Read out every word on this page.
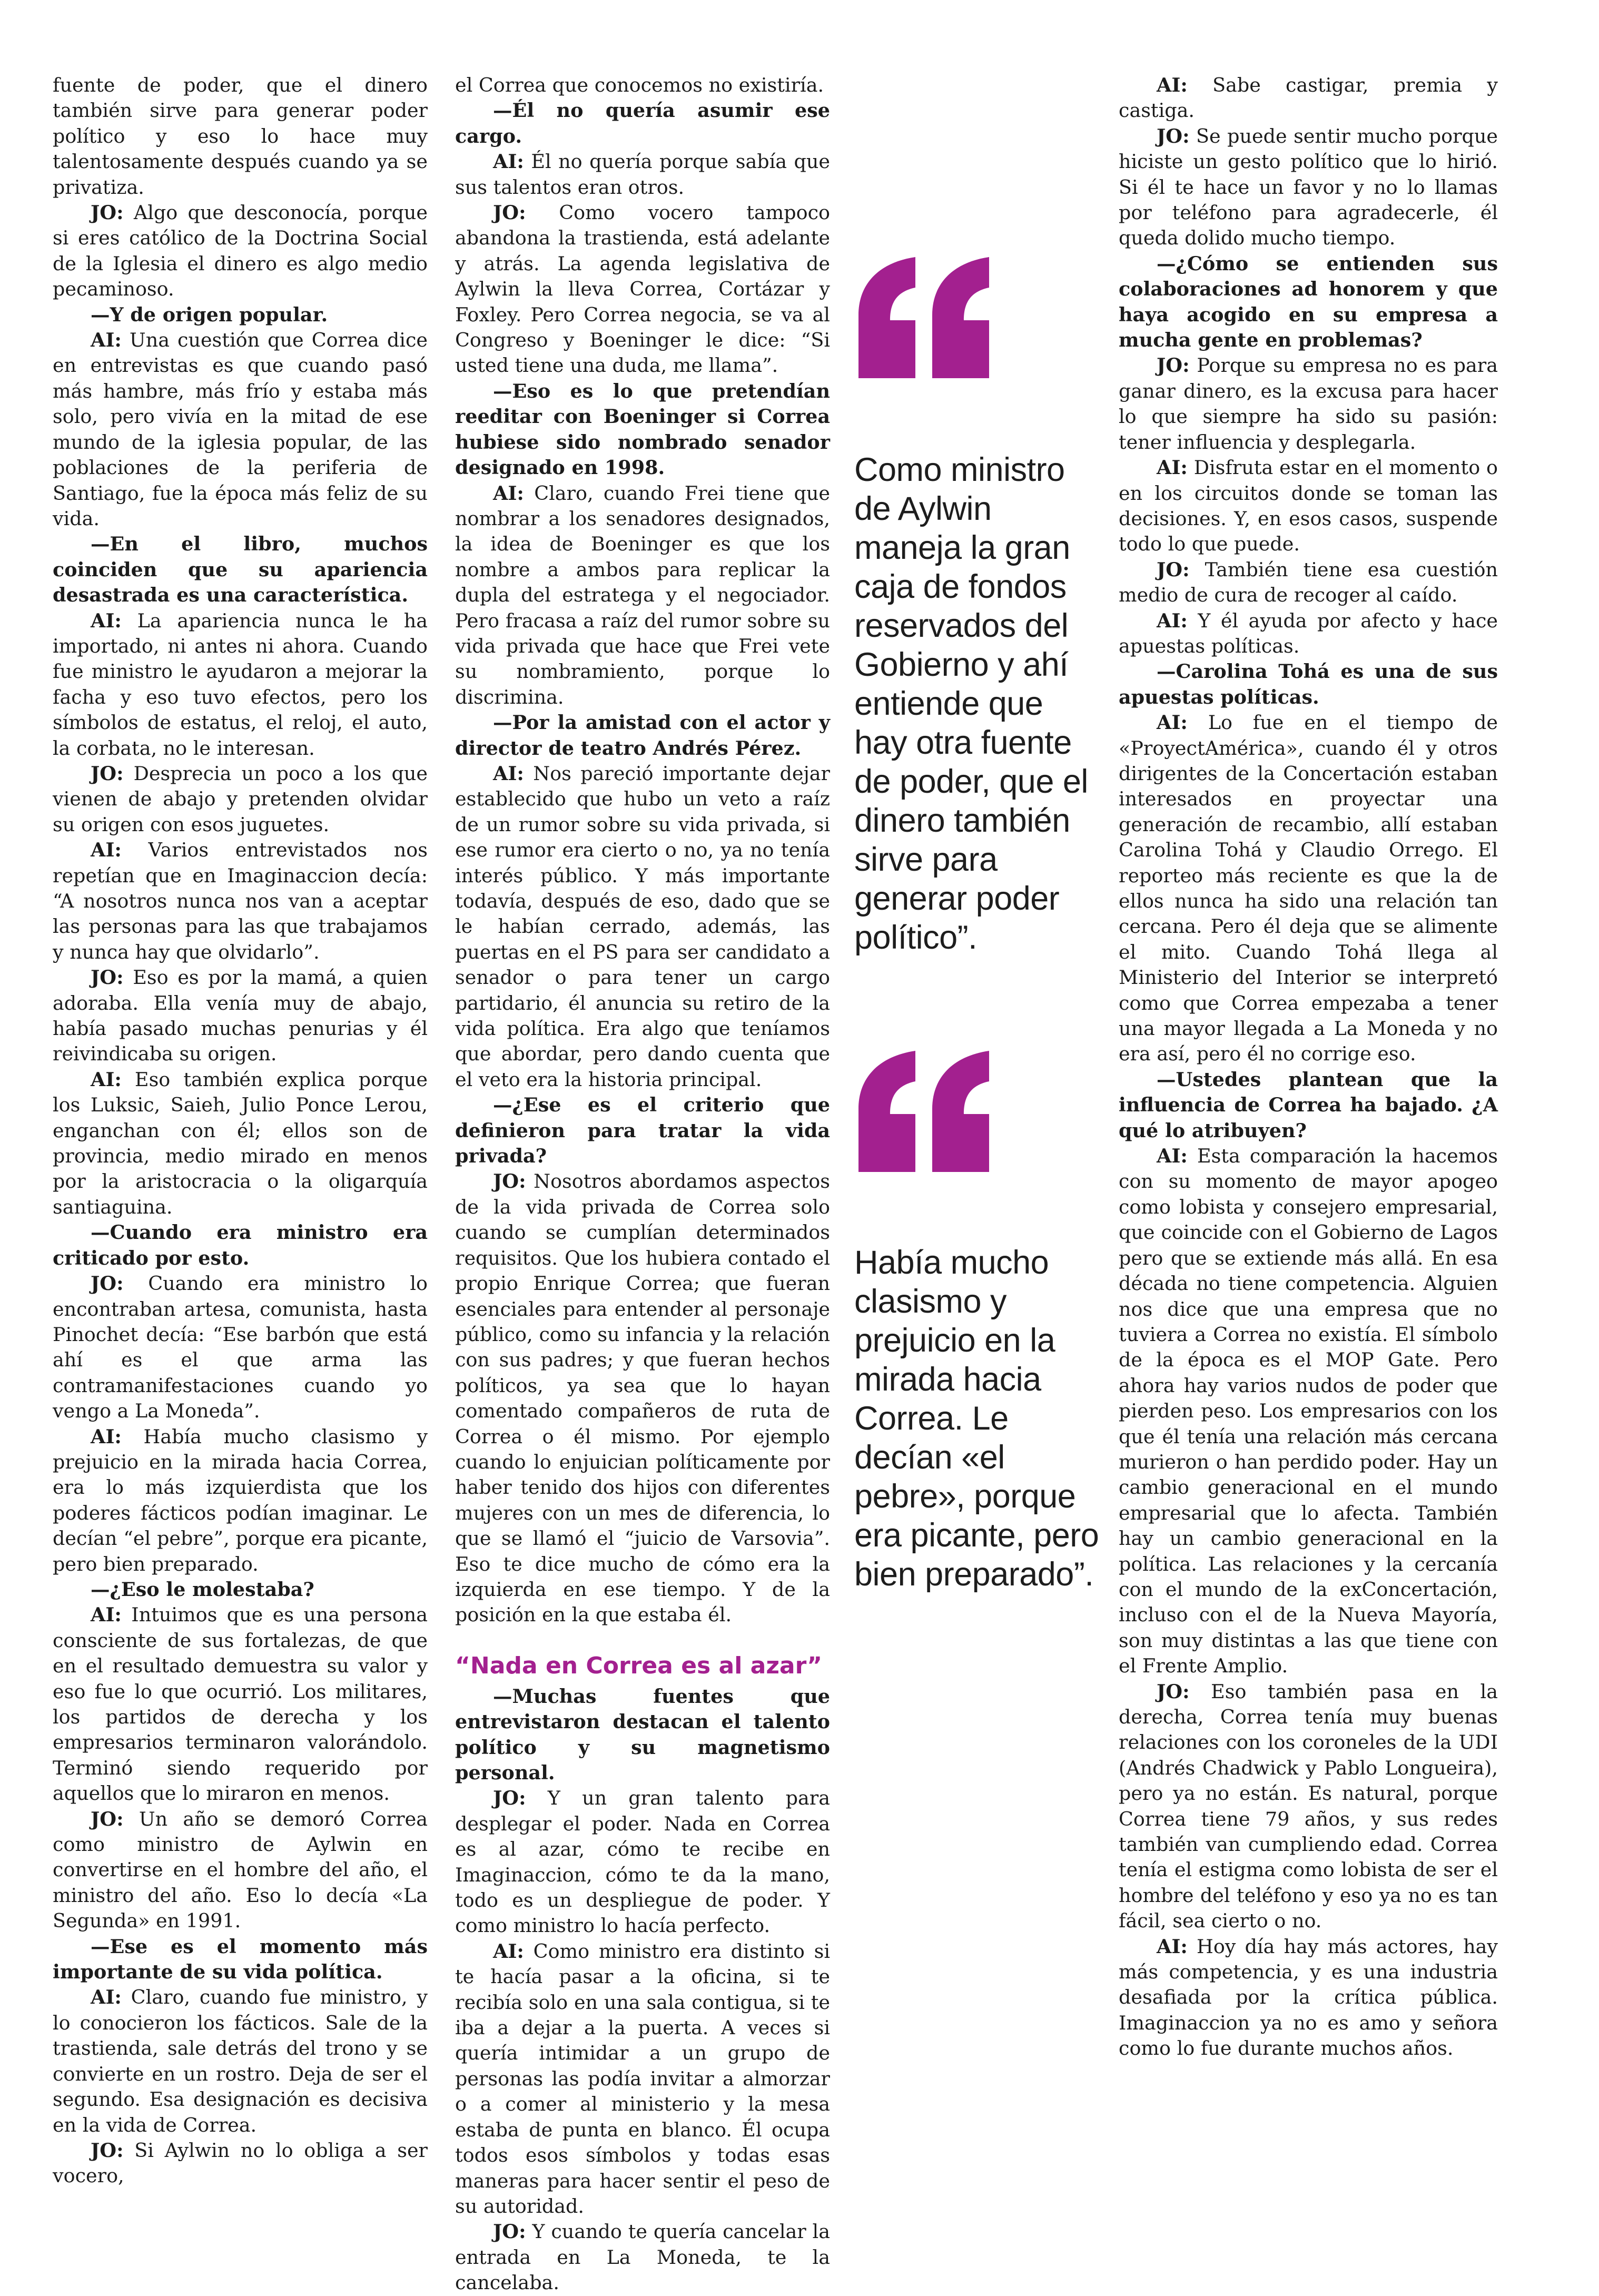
fuente de poder, que el dinero también sirve para generar poder político y eso lo hace muy talentosamente después cuando ya se privatiza.

JO: Algo que desconocía, porque si eres católico de la Doctrina Social de la Iglesia el dinero es algo medio pecaminoso.

—Y de origen popular.

AI: Una cuestión que Correa dice en entrevistas es que cuando pasó más hambre, más frío y estaba más solo, pero vivía en la mitad de ese mundo de la iglesia popular, de las poblaciones de la periferia de Santiago, fue la época más feliz de su vida.

—En el libro, muchos coinciden que su apariencia desastrada es una característica.

AI: La apariencia nunca le ha importado, ni antes ni ahora. Cuando fue ministro le ayudaron a mejorar la facha y eso tuvo efectos, pero los símbolos de estatus, el reloj, el auto, la corbata, no le interesan.

JO: Desprecia un poco a los que vienen de abajo y pretenden olvidar su origen con esos juguetes.

AI: Varios entrevistados nos repetían que en Imaginaccion decía: “A nosotros nunca nos van a aceptar las personas para las que trabajamos y nunca hay que olvidarlo”.

JO: Eso es por la mamá, a quien adoraba. Ella venía muy de abajo, había pasado muchas penurias y él reivindicaba su origen.

AI: Eso también explica porque los Luksic, Saieh, Julio Ponce Lerou, enganchan con él; ellos son de provincia, medio mirado en menos por la aristocracia o la oligarquía santiaguina.

—Cuando era ministro era criticado por esto.

JO: Cuando era ministro lo encontraban artesa, comunista, hasta Pinochet decía: “Ese barbón que está ahí es el que arma las contramanifestaciones cuando yo vengo a La Moneda”.

AI: Había mucho clasismo y prejuicio en la mirada hacia Correa, era lo más izquierdista que los poderes fácticos podían imaginar. Le decían “el pebre”, porque era picante, pero bien preparado.

—¿Eso le molestaba?

AI: Intuimos que es una persona consciente de sus fortalezas, de que en el resultado demuestra su valor y eso fue lo que ocurrió. Los militares, los partidos de derecha y los empresarios terminaron valorándolo. Terminó siendo requerido por aquellos que lo miraron en menos.

JO: Un año se demoró Correa como ministro de Aylwin en convertirse en el hombre del año, el ministro del año. Eso lo decía «La Segunda» en 1991.

—Ese es el momento más importante de su vida política.

AI: Claro, cuando fue ministro, y lo conocieron los fácticos. Sale de la trastienda, sale detrás del trono y se convierte en un rostro. Deja de ser el segundo. Esa designación es decisiva en la vida de Correa.

JO: Si Aylwin no lo obliga a ser vocero,

el Correa que conocemos no existiría.

—Él no quería asumir ese cargo.

AI: Él no quería porque sabía que sus talentos eran otros.

JO: Como vocero tampoco abandona la trastienda, está adelante y atrás. La agenda legislativa de Aylwin la lleva Correa, Cortázar y Foxley. Pero Correa negocia, se va al Congreso y Boeninger le dice: “Si usted tiene una duda, me llama”.

—Eso es lo que pretendían reeditar con Boeninger si Correa hubiese sido nombrado senador designado en 1998.

AI: Claro, cuando Frei tiene que nombrar a los senadores designados, la idea de Boeninger es que los nombre a ambos para replicar la dupla del estratega y el negociador. Pero fracasa a raíz del rumor sobre su vida privada que hace que Frei vete su nombramiento, porque lo discrimina.

—Por la amistad con el actor y director de teatro Andrés Pérez.

AI: Nos pareció importante dejar establecido que hubo un veto a raíz de un rumor sobre su vida privada, si ese rumor era cierto o no, ya no tenía interés público. Y más importante todavía, después de eso, dado que se le habían cerrado, además, las puertas en el PS para ser candidato a senador o para tener un cargo partidario, él anuncia su retiro de la vida política. Era algo que teníamos que abordar, pero dando cuenta que el veto era la historia principal.

—¿Ese es el criterio que definieron para tratar la vida privada?

JO: Nosotros abordamos aspectos de la vida privada de Correa solo cuando se cumplían determinados requisitos. Que los hubiera contado el propio Enrique Correa; que fueran esenciales para entender al personaje público, como su infancia y la relación con sus padres; y que fueran hechos políticos, ya sea que lo hayan comentado compañeros de ruta de Correa o él mismo. Por ejemplo cuando lo enjuician políticamente por haber tenido dos hijos con diferentes mujeres con un mes de diferencia, lo que se llamó el “juicio de Varsovia”. Eso te dice mucho de cómo era la izquierda en ese tiempo. Y de la posición en la que estaba él.

“Nada en Correa es al azar”

—Muchas fuentes que entrevistaron destacan el talento político y su magnetismo personal.

JO: Y un gran talento para desplegar el poder. Nada en Correa es al azar, cómo te recibe en Imaginaccion, cómo te da la mano, todo es un despliegue de poder. Y como ministro lo hacía perfecto.

AI: Como ministro era distinto si te hacía pasar a la oficina, si te recibía solo en una sala contigua, si te iba a dejar a la puerta. A veces si quería intimidar a un grupo de personas las podía invitar a almorzar o a comer al ministerio y la mesa estaba de punta en blanco. Él ocupa todos esos símbolos y todas esas maneras para hacer sentir el peso de su autoridad.

JO: Y cuando te quería cancelar la entrada en La Moneda, te la cancelaba.

AI: Sabe castigar, premia y castiga.

JO: Se puede sentir mucho porque hiciste un gesto político que lo hirió. Si él te hace un favor y no lo llamas por teléfono para agradecerle, él queda dolido mucho tiempo.

—¿Cómo se entienden sus colaboraciones ad honorem y que haya acogido en su empresa a mucha gente en problemas?

JO: Porque su empresa no es para ganar dinero, es la excusa para hacer lo que siempre ha sido su pasión: tener influencia y desplegarla.

AI: Disfruta estar en el momento o en los circuitos donde se toman las decisiones. Y, en esos casos, suspende todo lo que puede.

JO: También tiene esa cuestión medio de cura de recoger al caído.

AI: Y él ayuda por afecto y hace apuestas políticas.

—Carolina Tohá es una de sus apuestas políticas.

AI: Lo fue en el tiempo de «ProyectAmérica», cuando él y otros dirigentes de la Concertación estaban interesados en proyectar una generación de recambio, allí estaban Carolina Tohá y Claudio Orrego. El reporteo más reciente es que la de ellos nunca ha sido una relación tan cercana. Pero él deja que se alimente el mito. Cuando Tohá llega al Ministerio del Interior se interpretó como que Correa empezaba a tener una mayor llegada a La Moneda y no era así, pero él no corrige eso.

—Ustedes plantean que la influencia de Correa ha bajado. ¿A qué lo atribuyen?

AI: Esta comparación la hacemos con su momento de mayor apogeo como lobista y consejero empresarial, que coincide con el Gobierno de Lagos pero que se extiende más allá. En esa década no tiene competencia. Alguien nos dice que una empresa que no tuviera a Correa no existía. El símbolo de la época es el MOP Gate. Pero ahora hay varios nudos de poder que pierden peso. Los empresarios con los que él tenía una relación más cercana murieron o han perdido poder. Hay un cambio generacional en el mundo empresarial que lo afecta. También hay un cambio generacional en la política. Las relaciones y la cercanía con el mundo de la exConcertación, incluso con el de la Nueva Mayoría, son muy distintas a las que tiene con el Frente Amplio.

JO: Eso también pasa en la derecha, Correa tenía muy buenas relaciones con los coroneles de la UDI (Andrés Chadwick y Pablo Longueira), pero ya no están. Es natural, porque Correa tiene 79 años, y sus redes también van cumpliendo edad. Correa tenía el estigma como lobista de ser el hombre del teléfono y eso ya no es tan fácil, sea cierto o no.

AI: Hoy día hay más actores, hay más competencia, y es una industria desafiada por la crítica pública. Imaginaccion ya no es amo y señora como lo fue durante muchos años.

Como ministro de Aylwin maneja la gran caja de fondos reservados del Gobierno y ahí entiende que hay otra fuente de poder, que el dinero también sirve para generar poder político”.
Había mucho clasismo y prejuicio en la mirada hacia Correa. Le decían «el pebre», porque era picante, pero bien preparado”.
